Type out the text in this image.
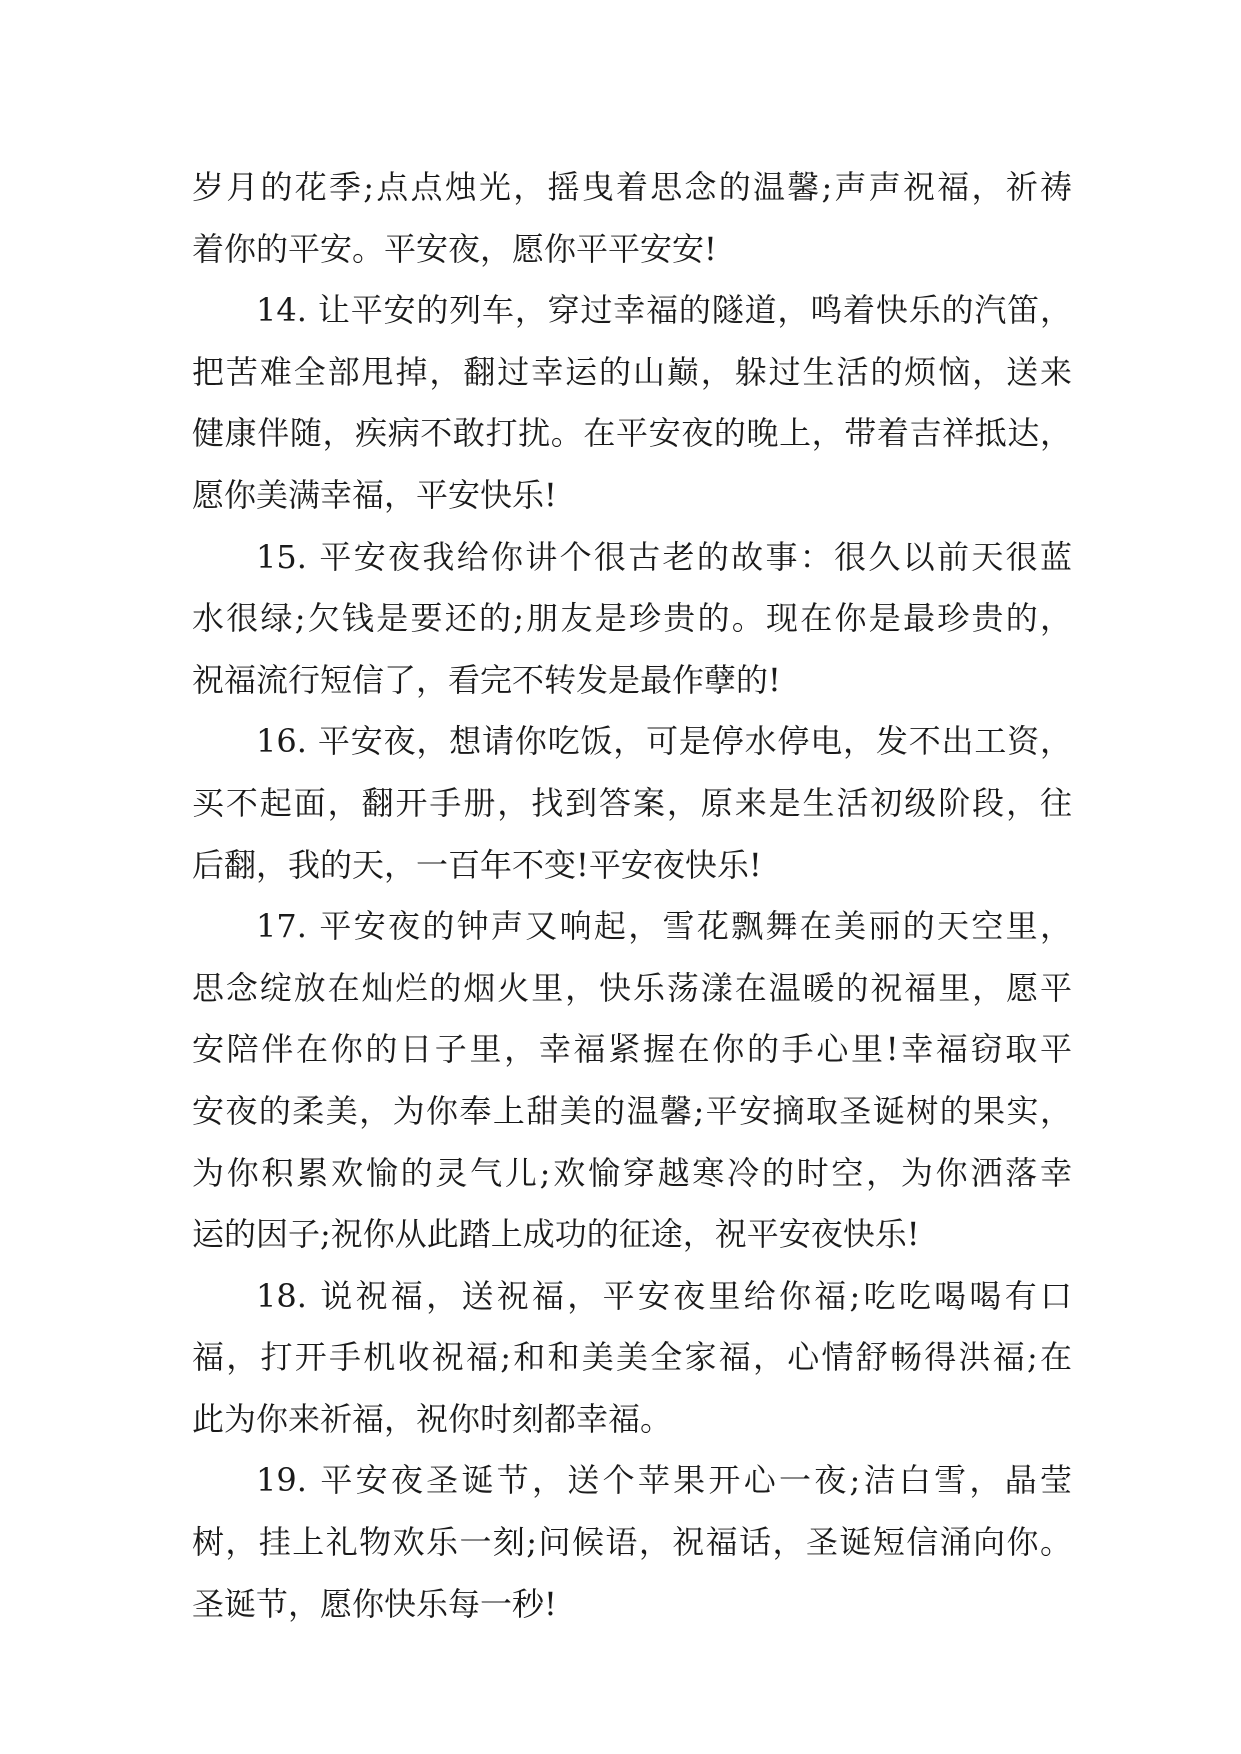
岁月的花季;点点烛光，摇曳着思念的温馨;声声祝福，祈祷
着你的平安。平安夜，愿你平平安安!
14. 让平安的列车，穿过幸福的隧道，鸣着快乐的汽笛，
把苦难全部甩掉，翻过幸运的山巅，躲过生活的烦恼，送来
健康伴随，疾病不敢打扰。在平安夜的晚上，带着吉祥抵达，
愿你美满幸福，平安快乐!
15. 平安夜我给你讲个很古老的故事：很久以前天很蓝
水很绿;欠钱是要还的;朋友是珍贵的。现在你是最珍贵的，
祝福流行短信了，看完不转发是最作孽的!
16. 平安夜，想请你吃饭，可是停水停电，发不出工资，
买不起面，翻开手册，找到答案，原来是生活初级阶段，往
后翻，我的天，一百年不变!平安夜快乐!
17. 平安夜的钟声又响起，雪花飘舞在美丽的天空里，
思念绽放在灿烂的烟火里，快乐荡漾在温暖的祝福里，愿平
安陪伴在你的日子里，幸福紧握在你的手心里!幸福窃取平
安夜的柔美，为你奉上甜美的温馨;平安摘取圣诞树的果实，
为你积累欢愉的灵气儿;欢愉穿越寒冷的时空，为你洒落幸
运的因子;祝你从此踏上成功的征途，祝平安夜快乐!
18. 说祝福，送祝福，平安夜里给你福;吃吃喝喝有口
福，打开手机收祝福;和和美美全家福，心情舒畅得洪福;在
此为你来祈福，祝你时刻都幸福。
19. 平安夜圣诞节，送个苹果开心一夜;洁白雪，晶莹
树，挂上礼物欢乐一刻;问候语，祝福话，圣诞短信涌向你。
圣诞节，愿你快乐每一秒!
